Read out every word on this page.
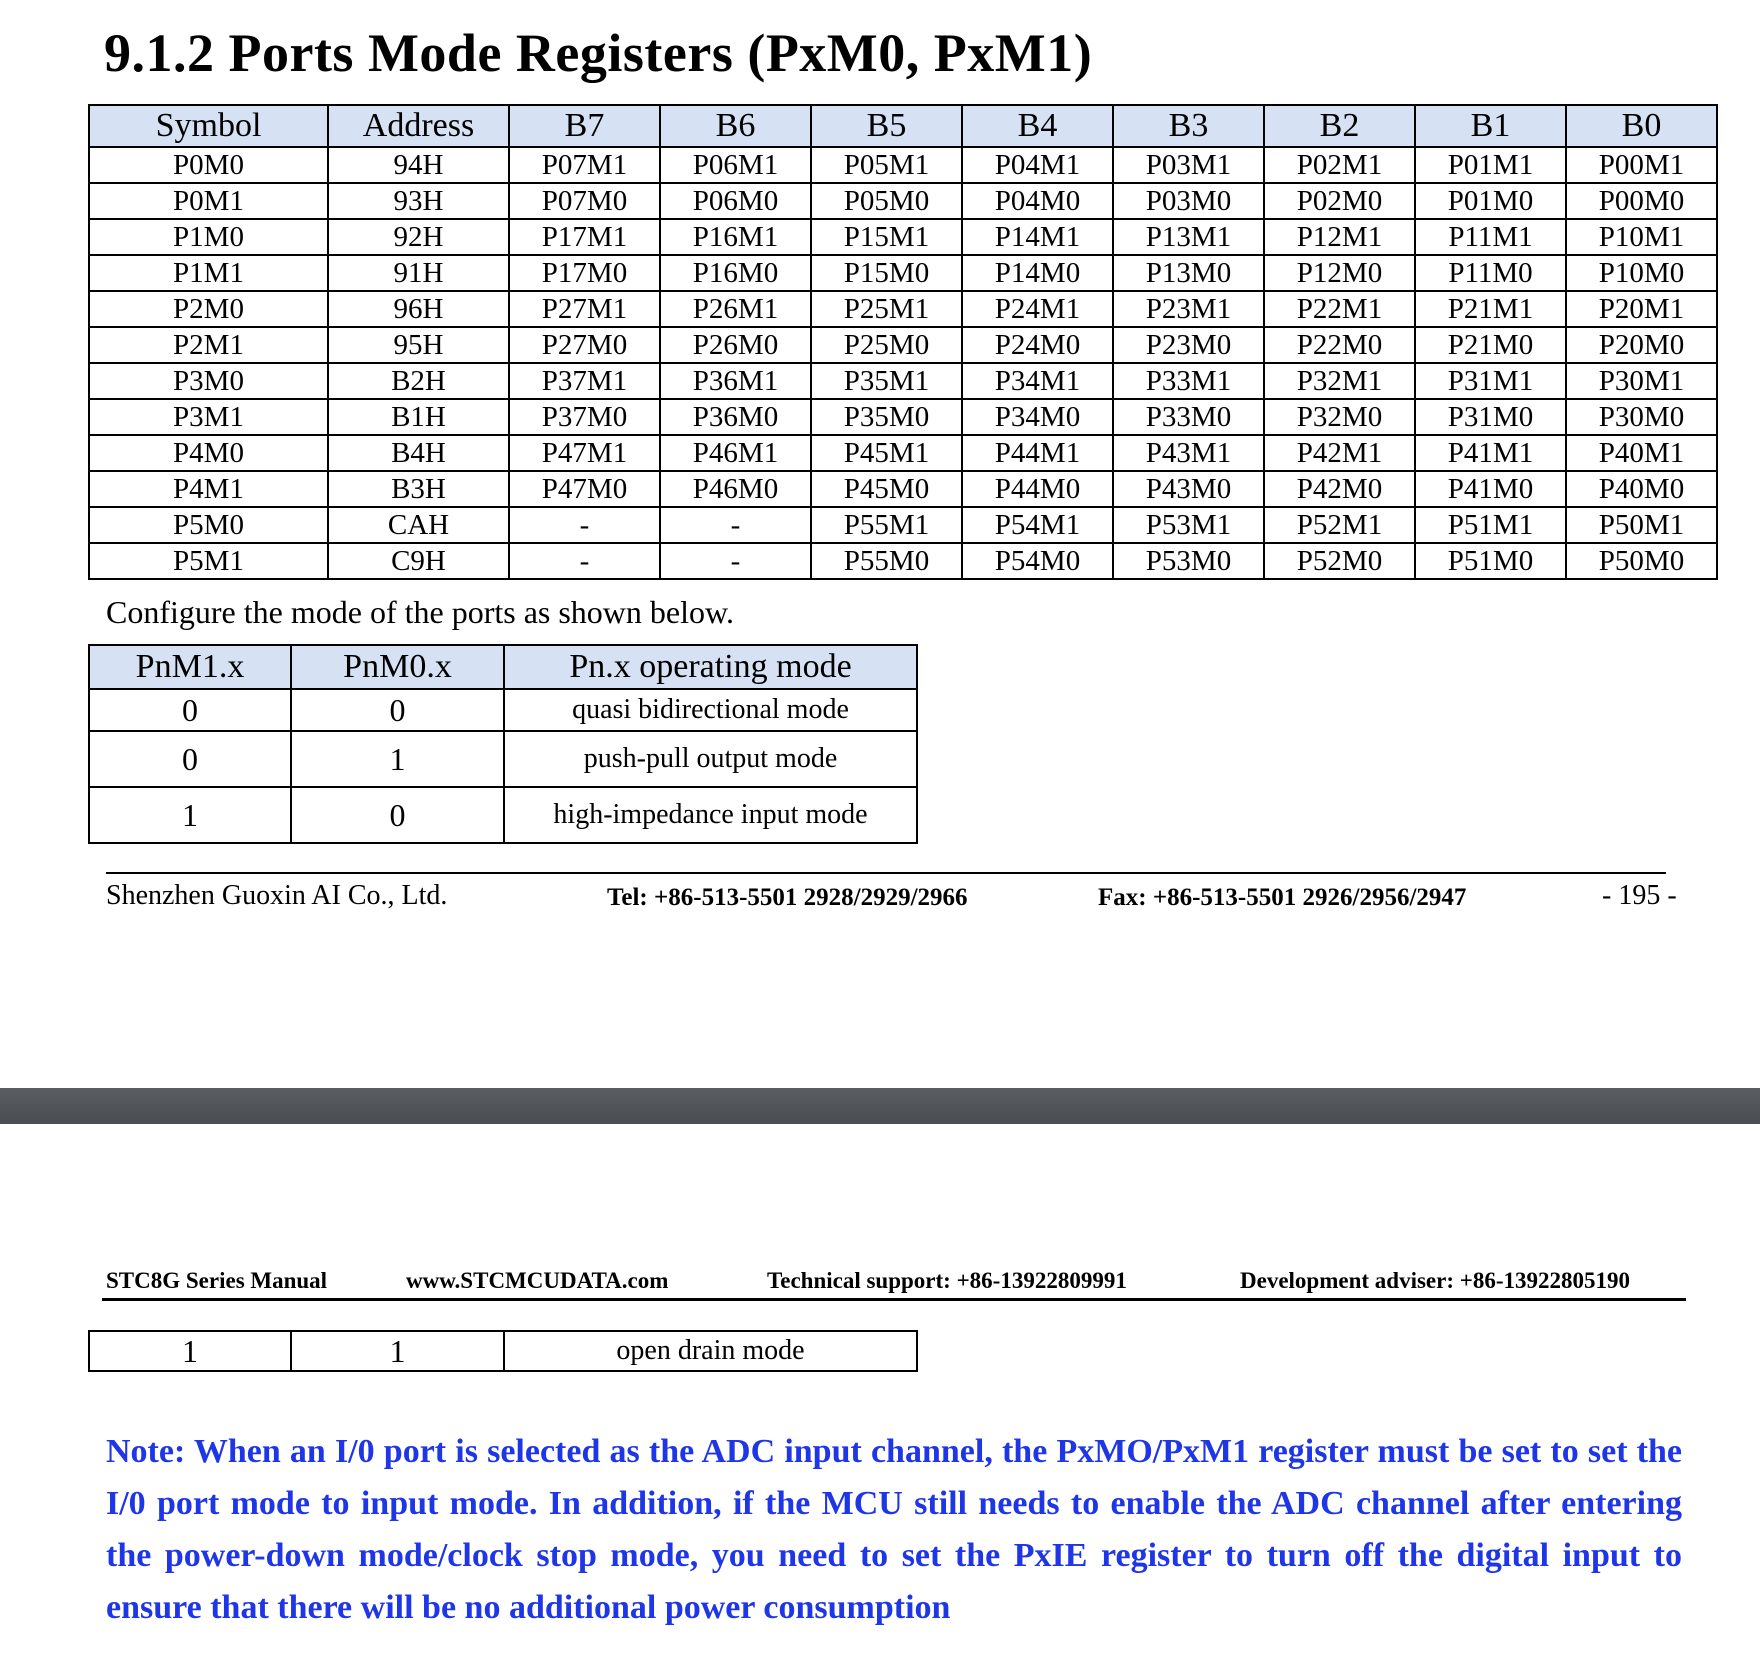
9.1.2 Ports Mode Registers (PxM0, PxM1)
Symbol	Address	B7	B6	B5	B4	B3	B2	B1	B0
P0M0	94H	P07M1	P06M1	P05M1	P04M1	P03M1	P02M1	P01M1	P00M1
P0M1	93H	P07M0	P06M0	P05M0	P04M0	P03M0	P02M0	P01M0	P00M0
P1M0	92H	P17M1	P16M1	P15M1	P14M1	P13M1	P12M1	P11M1	P10M1
P1M1	91H	P17M0	P16M0	P15M0	P14M0	P13M0	P12M0	P11M0	P10M0
P2M0	96H	P27M1	P26M1	P25M1	P24M1	P23M1	P22M1	P21M1	P20M1
P2M1	95H	P27M0	P26M0	P25M0	P24M0	P23M0	P22M0	P21M0	P20M0
P3M0	B2H	P37M1	P36M1	P35M1	P34M1	P33M1	P32M1	P31M1	P30M1
P3M1	B1H	P37M0	P36M0	P35M0	P34M0	P33M0	P32M0	P31M0	P30M0
P4M0	B4H	P47M1	P46M1	P45M1	P44M1	P43M1	P42M1	P41M1	P40M1
P4M1	B3H	P47M0	P46M0	P45M0	P44M0	P43M0	P42M0	P41M0	P40M0
P5M0	CAH	-	-	P55M1	P54M1	P53M1	P52M1	P51M1	P50M1
P5M1	C9H	-	-	P55M0	P54M0	P53M0	P52M0	P51M0	P50M0
Configure the mode of the ports as shown below.
PnM1.x	PnM0.x	Pn.x operating mode
0	0	quasi bidirectional mode
0	1	push-pull output mode
1	0	high-impedance input mode
Shenzhen Guoxin AI Co., Ltd.	Tel: +86-513-5501 2928/2929/2966	Fax: +86-513-5501 2926/2956/2947	- 195 -
STC8G Series Manual	www.STCMCUDATA.com	Technical support: +86-13922809991	Development adviser: +86-13922805190
1	1	open drain mode

Note: When an I/0 port is selected as the ADC input channel, the PxMO/PxM1 register must be set to set the I/0 port mode to input mode. In addition, if the MCU still needs to enable the ADC channel after entering the power-down mode/clock stop mode, you need to set the PxIE register to turn off the digital input to ensure that there will be no additional power consumption
